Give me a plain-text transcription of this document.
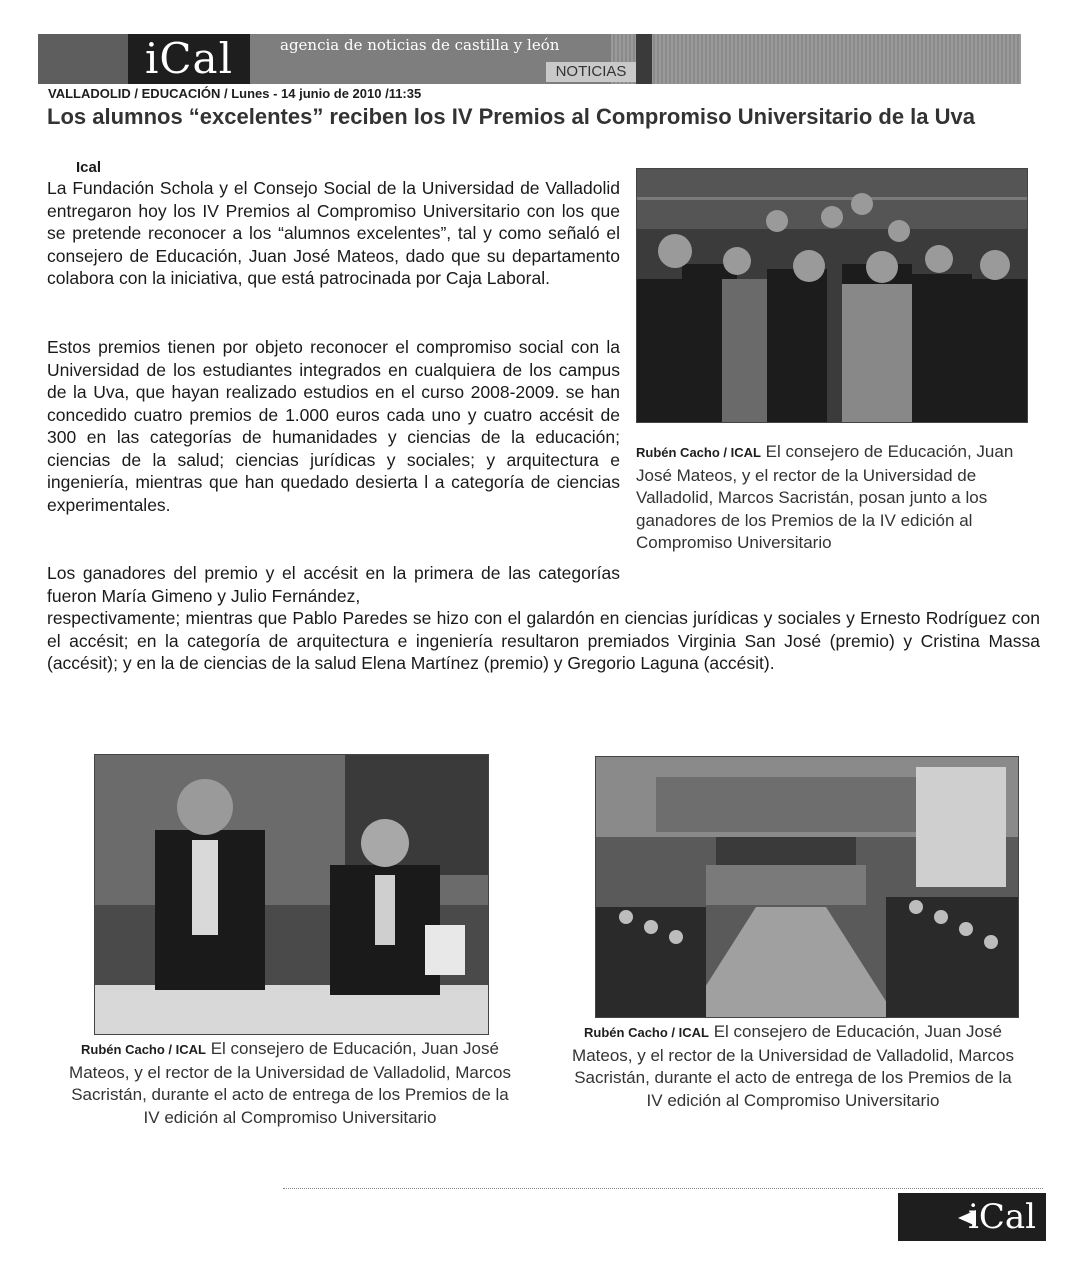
iCal	agencia de noticias de castilla y león
NOTICIAS
VALLADOLID / EDUCACIÓN / Lunes - 14 junio de 2010 /11:35
Los alumnos “excelentes” reciben los IV Premios al Compromiso Universitario de la Uva
Ical

La Fundación Schola y el Consejo Social de la Universidad de Valladolid entregaron hoy los IV Premios al Compromiso Universitario con los que se pretende reconocer a los “alumnos excelentes”, tal y como señaló el consejero de Educación, Juan José Mateos, dado que su departamento colabora con la iniciativa, que está patrocinada por Caja Laboral.

Estos premios tienen por objeto reconocer el compromiso social con la Universidad de los estudiantes integrados en cualquiera de los campus de la Uva, que hayan realizado estudios en el curso 2008-2009. se han concedido cuatro premios de 1.000 euros cada uno y cuatro accésit de 300 en las categorías de humanidades y ciencias de la educación; ciencias de la salud; ciencias jurídicas y sociales; y arquitectura e ingeniería, mientras que han quedado desierta l a categoría de ciencias experimentales.

Los ganadores del premio y el accésit en la primera de las categorías fueron María Gimeno y Julio Fernández,

respectivamente; mientras que Pablo Paredes se hizo con el galardón en ciencias jurídicas y sociales y Ernesto Rodríguez con el accésit; en la categoría de arquitectura e ingeniería resultaron premiados Virginia San José (premio) y Cristina Massa (accésit); y en la de ciencias de la salud Elena Martínez (premio) y Gregorio Laguna (accésit).

Rubén Cacho / ICAL El consejero de Educación, Juan José Mateos, y el rector de la Universidad de Valladolid, Marcos Sacristán, posan junto a los ganadores de los Premios de la IV edición al Compromiso Universitario
Rubén Cacho / ICAL El consejero de Educación, Juan José Mateos, y el rector de la Universidad de Valladolid, Marcos Sacristán, durante el acto de entrega de los Premios de la IV edición al Compromiso Universitario
Rubén Cacho / ICAL El consejero de Educación, Juan José Mateos, y el rector de la Universidad de Valladolid, Marcos Sacristán, durante el acto de entrega de los Premios de la IV edición al Compromiso Universitario
iCal
